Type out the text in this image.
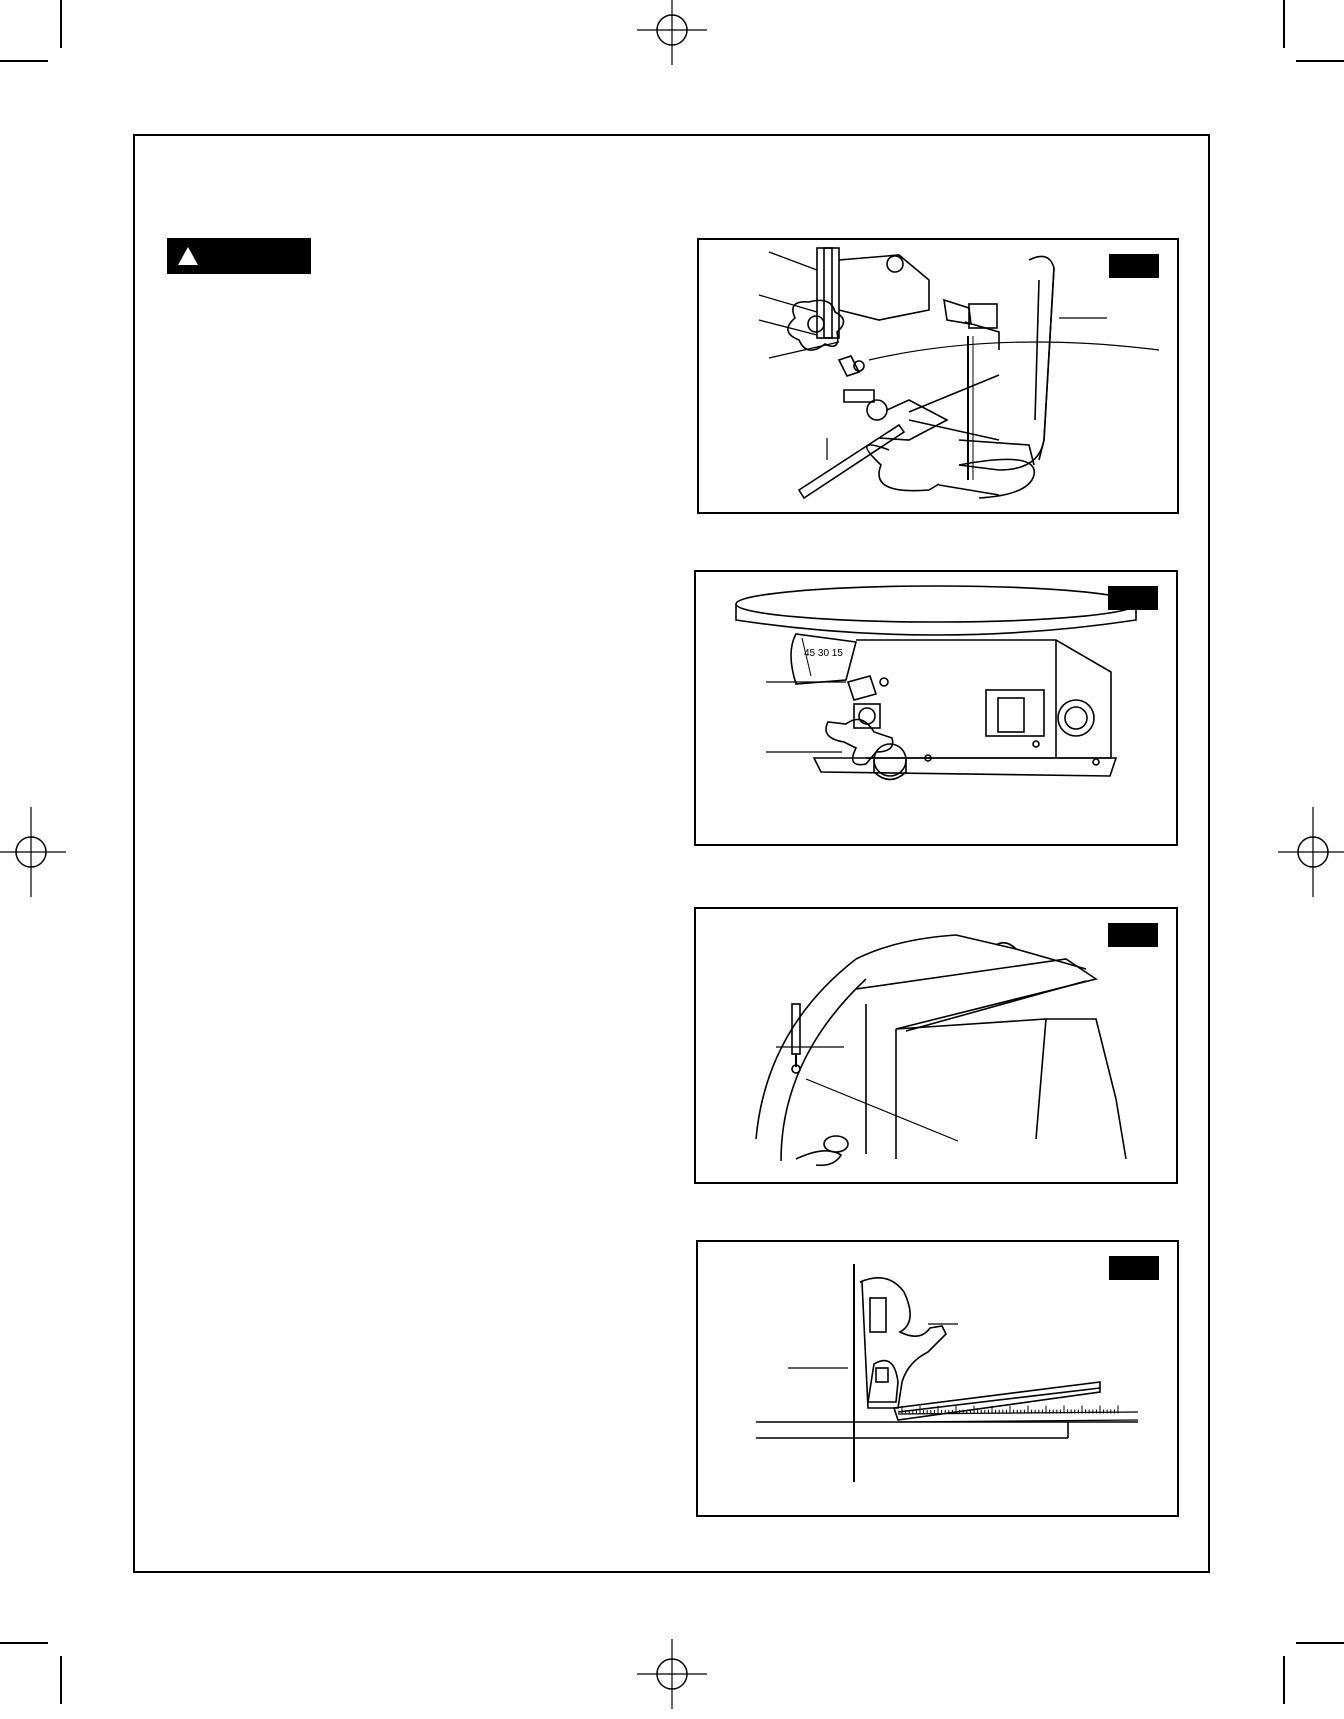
45 30 15
